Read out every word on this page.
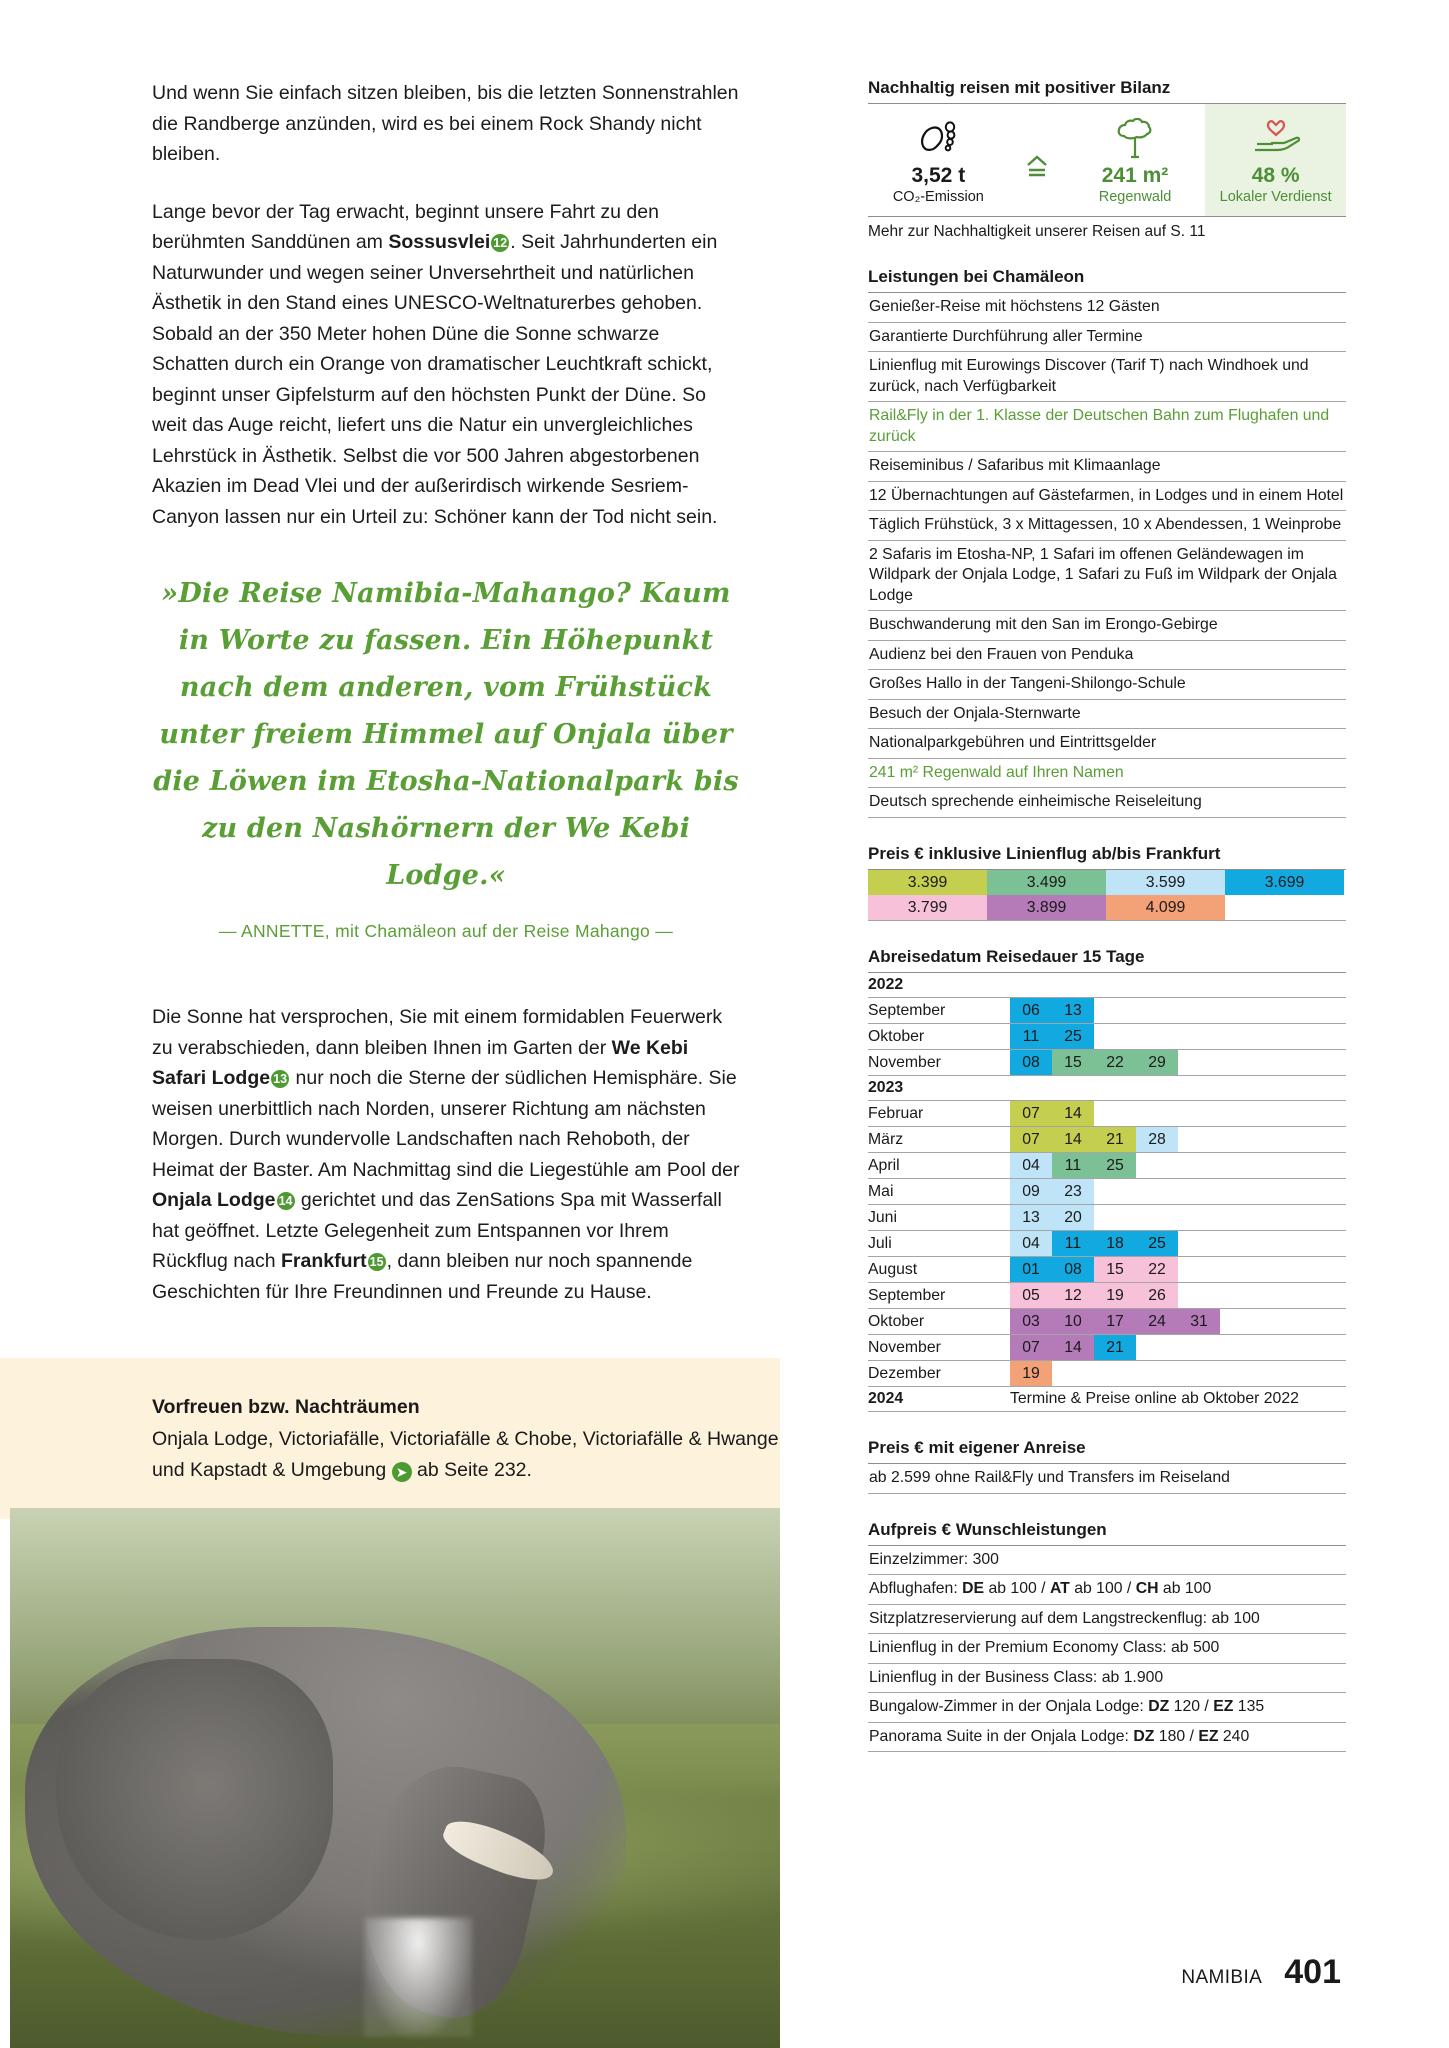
Und wenn Sie einfach sitzen bleiben, bis die letzten Sonnenstrahlen die Randberge anzünden, wird es bei einem Rock Shandy nicht bleiben.

Lange bevor der Tag erwacht, beginnt unsere Fahrt zu den berühmten Sanddünen am Sossusvlei 12 . Seit Jahrhunderten ein Naturwunder und wegen seiner Unversehrtheit und natürlichen Ästhetik in den Stand eines UNESCO-Weltnaturerbes gehoben. Sobald an der 350 Meter hohen Düne die Sonne schwarze Schatten durch ein Orange von dramatischer Leuchtkraft schickt, beginnt unser Gipfelsturm auf den höchsten Punkt der Düne. So weit das Auge reicht, liefert uns die Natur ein unvergleichliches Lehrstück in Ästhetik. Selbst die vor 500 Jahren abgestorbenen Akazien im Dead Vlei und der außerirdisch wirkende Sesriem-Canyon lassen nur ein Urteil zu: Schöner kann der Tod nicht sein.

»Die Reise Namibia-Mahango? Kaum in Worte zu fassen. Ein Höhepunkt nach dem anderen, vom Frühstück unter freiem Himmel auf Onjala über die Löwen im Etosha-Nationalpark bis zu den Nashörnern der We Kebi Lodge.«
— ANNETTE, mit Chamäleon auf der Reise Mahango —

Die Sonne hat versprochen, Sie mit einem formidablen Feuerwerk zu verabschieden, dann bleiben Ihnen im Garten der We Kebi Safari Lodge 13 nur noch die Sterne der südlichen Hemisphäre. Sie weisen unerbittlich nach Norden, unserer Richtung am nächsten Morgen. Durch wundervolle Landschaften nach Rehoboth, der Heimat der Baster. Am Nachmittag sind die Liegestühle am Pool der Onjala Lodge 14 gerichtet und das ZenSations Spa mit Wasserfall hat geöffnet. Letzte Gelegenheit zum Entspannen vor Ihrem Rückflug nach Frankfurt 15 , dann bleiben nur noch spannende Geschichten für Ihre Freundinnen und Freunde zu Hause.

Vorfreuen bzw. Nachträumen
Onjala Lodge, Victoriafälle, Victoriafälle & Chobe, Victoriafälle & Hwange und Kapstadt & Umgebung ➤ ab Seite 232.
NAMIBIA 401
Nachhaltig reisen mit positiver Bilanz
3,52 t
CO₂-Emission
241 m²
Regenwald
48 %
Lokaler Verdienst
Mehr zur Nachhaltigkeit unserer Reisen auf S. 11
Leistungen bei Chamäleon
Genießer-Reise mit höchstens 12 Gästen
Garantierte Durchführung aller Termine
Linienflug mit Eurowings Discover (Tarif T) nach Windhoek und zurück, nach Verfügbarkeit
Rail&Fly in der 1. Klasse der Deutschen Bahn zum Flughafen und zurück
Reiseminibus / Safaribus mit Klimaanlage
12 Übernachtungen auf Gästefarmen, in Lodges und in einem Hotel
Täglich Frühstück, 3 x Mittagessen, 10 x Abendessen, 1 Weinprobe
2 Safaris im Etosha-NP, 1 Safari im offenen Geländewagen im Wildpark der Onjala Lodge, 1 Safari zu Fuß im Wildpark der Onjala Lodge
Buschwanderung mit den San im Erongo-Gebirge
Audienz bei den Frauen von Penduka
Großes Hallo in der Tangeni-Shilongo-Schule
Besuch der Onjala-Sternwarte
Nationalparkgebühren und Eintrittsgelder
241 m² Regenwald auf Ihren Namen
Deutsch sprechende einheimische Reiseleitung
Preis € inklusive Linienflug ab/bis Frankfurt
3.399	3.499	3.599	3.699
3.799	3.899	4.099
Abreisedatum Reisedauer 15 Tage
2022	
September	06 13

Oktober	11 25

November	08 15 22 29

2023	
Februar	07 14

März	07 14 21 28

April	04 11 25

Mai	09 23

Juni	13 20

Juli	04 11 18 25

August	01 08 15 22

September	05 12 19 26

Oktober	03 10 17 24 31

November	07 14 21

Dezember	19

2024	Termine & Preise online ab Oktober 2022
Preis € mit eigener Anreise
ab 2.599 ohne Rail&Fly und Transfers im Reiseland
Aufpreis € Wunschleistungen
Einzelzimmer: 300
Abflughafen: DE ab 100 / AT ab 100 / CH ab 100
Sitzplatzreservierung auf dem Langstreckenflug: ab 100
Linienflug in der Premium Economy Class: ab 500
Linienflug in der Business Class: ab 1.900
Bungalow-Zimmer in der Onjala Lodge: DZ 120 / EZ 135
Panorama Suite in der Onjala Lodge: DZ 180 / EZ 240
